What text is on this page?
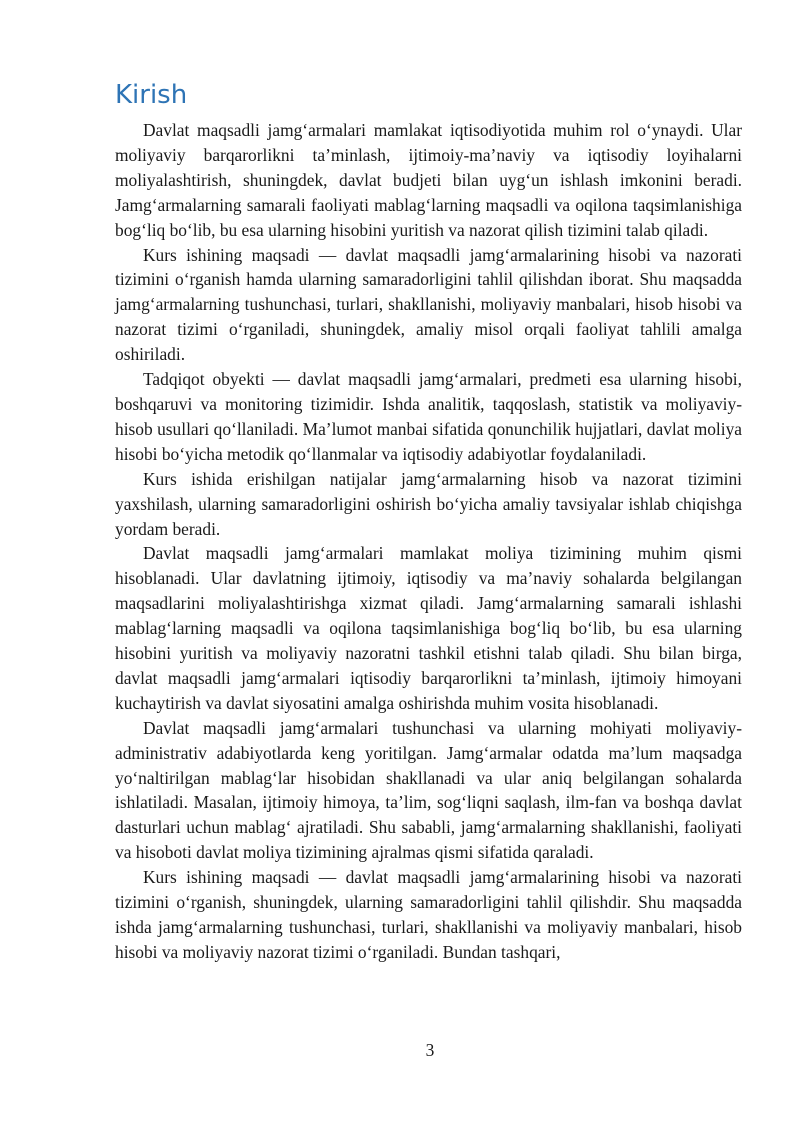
Kirish

Davlat maqsadli jamg‘armalari mamlakat iqtisodiyotida muhim rol o‘ynaydi. Ular moliyaviy barqarorlikni ta’minlash, ijtimoiy-ma’naviy va iqtisodiy loyihalarni moliyalashtirish, shuningdek, davlat budjeti bilan uyg‘un ishlash imkonini beradi. Jamg‘armalarning samarali faoliyati mablag‘larning maqsadli va oqilona taqsimlanishiga bog‘liq bo‘lib, bu esa ularning hisobini yuritish va nazorat qilish tizimini talab qiladi.

Kurs ishining maqsadi — davlat maqsadli jamg‘armalarining hisobi va nazorati tizimini o‘rganish hamda ularning samaradorligini tahlil qilishdan iborat. Shu maqsadda jamg‘armalarning tushunchasi, turlari, shakllanishi, moliyaviy manbalari, hisob hisobi va nazorat tizimi o‘rganiladi, shuningdek, amaliy misol orqali faoliyat tahlili amalga oshiriladi.

Tadqiqot obyekti — davlat maqsadli jamg‘armalari, predmeti esa ularning hisobi, boshqaruvi va monitoring tizimidir. Ishda analitik, taqqoslash, statistik va moliyaviy-hisob usullari qo‘llaniladi. Ma’lumot manbai sifatida qonunchilik hujjatlari, davlat moliya hisobi bo‘yicha metodik qo‘llanmalar va iqtisodiy adabiyotlar foydalaniladi.

Kurs ishida erishilgan natijalar jamg‘armalarning hisob va nazorat tizimini yaxshilash, ularning samaradorligini oshirish bo‘yicha amaliy tavsiyalar ishlab chiqishga yordam beradi.

Davlat maqsadli jamg‘armalari mamlakat moliya tizimining muhim qismi hisoblanadi. Ular davlatning ijtimoiy, iqtisodiy va ma’naviy sohalarda belgilangan maqsadlarini moliyalashtirishga xizmat qiladi. Jamg‘armalarning samarali ishlashi mablag‘larning maqsadli va oqilona taqsimlanishiga bog‘liq bo‘lib, bu esa ularning hisobini yuritish va moliyaviy nazoratni tashkil etishni talab qiladi. Shu bilan birga, davlat maqsadli jamg‘armalari iqtisodiy barqarorlikni ta’minlash, ijtimoiy himoyani kuchaytirish va davlat siyosatini amalga oshirishda muhim vosita hisoblanadi.

Davlat maqsadli jamg‘armalari tushunchasi va ularning mohiyati moliyaviy-administrativ adabiyotlarda keng yoritilgan. Jamg‘armalar odatda ma’lum maqsadga yo‘naltirilgan mablag‘lar hisobidan shakllanadi va ular aniq belgilangan sohalarda ishlatiladi. Masalan, ijtimoiy himoya, ta’lim, sog‘liqni saqlash, ilm-fan va boshqa davlat dasturlari uchun mablag‘ ajratiladi. Shu sababli, jamg‘armalarning shakllanishi, faoliyati va hisoboti davlat moliya tizimining ajralmas qismi sifatida qaraladi.

Kurs ishining maqsadi — davlat maqsadli jamg‘armalarining hisobi va nazorati tizimini o‘rganish, shuningdek, ularning samaradorligini tahlil qilishdir. Shu maqsadda ishda jamg‘armalarning tushunchasi, turlari, shakllanishi va moliyaviy manbalari, hisob hisobi va moliyaviy nazorat tizimi o‘rganiladi. Bundan tashqari,

3
